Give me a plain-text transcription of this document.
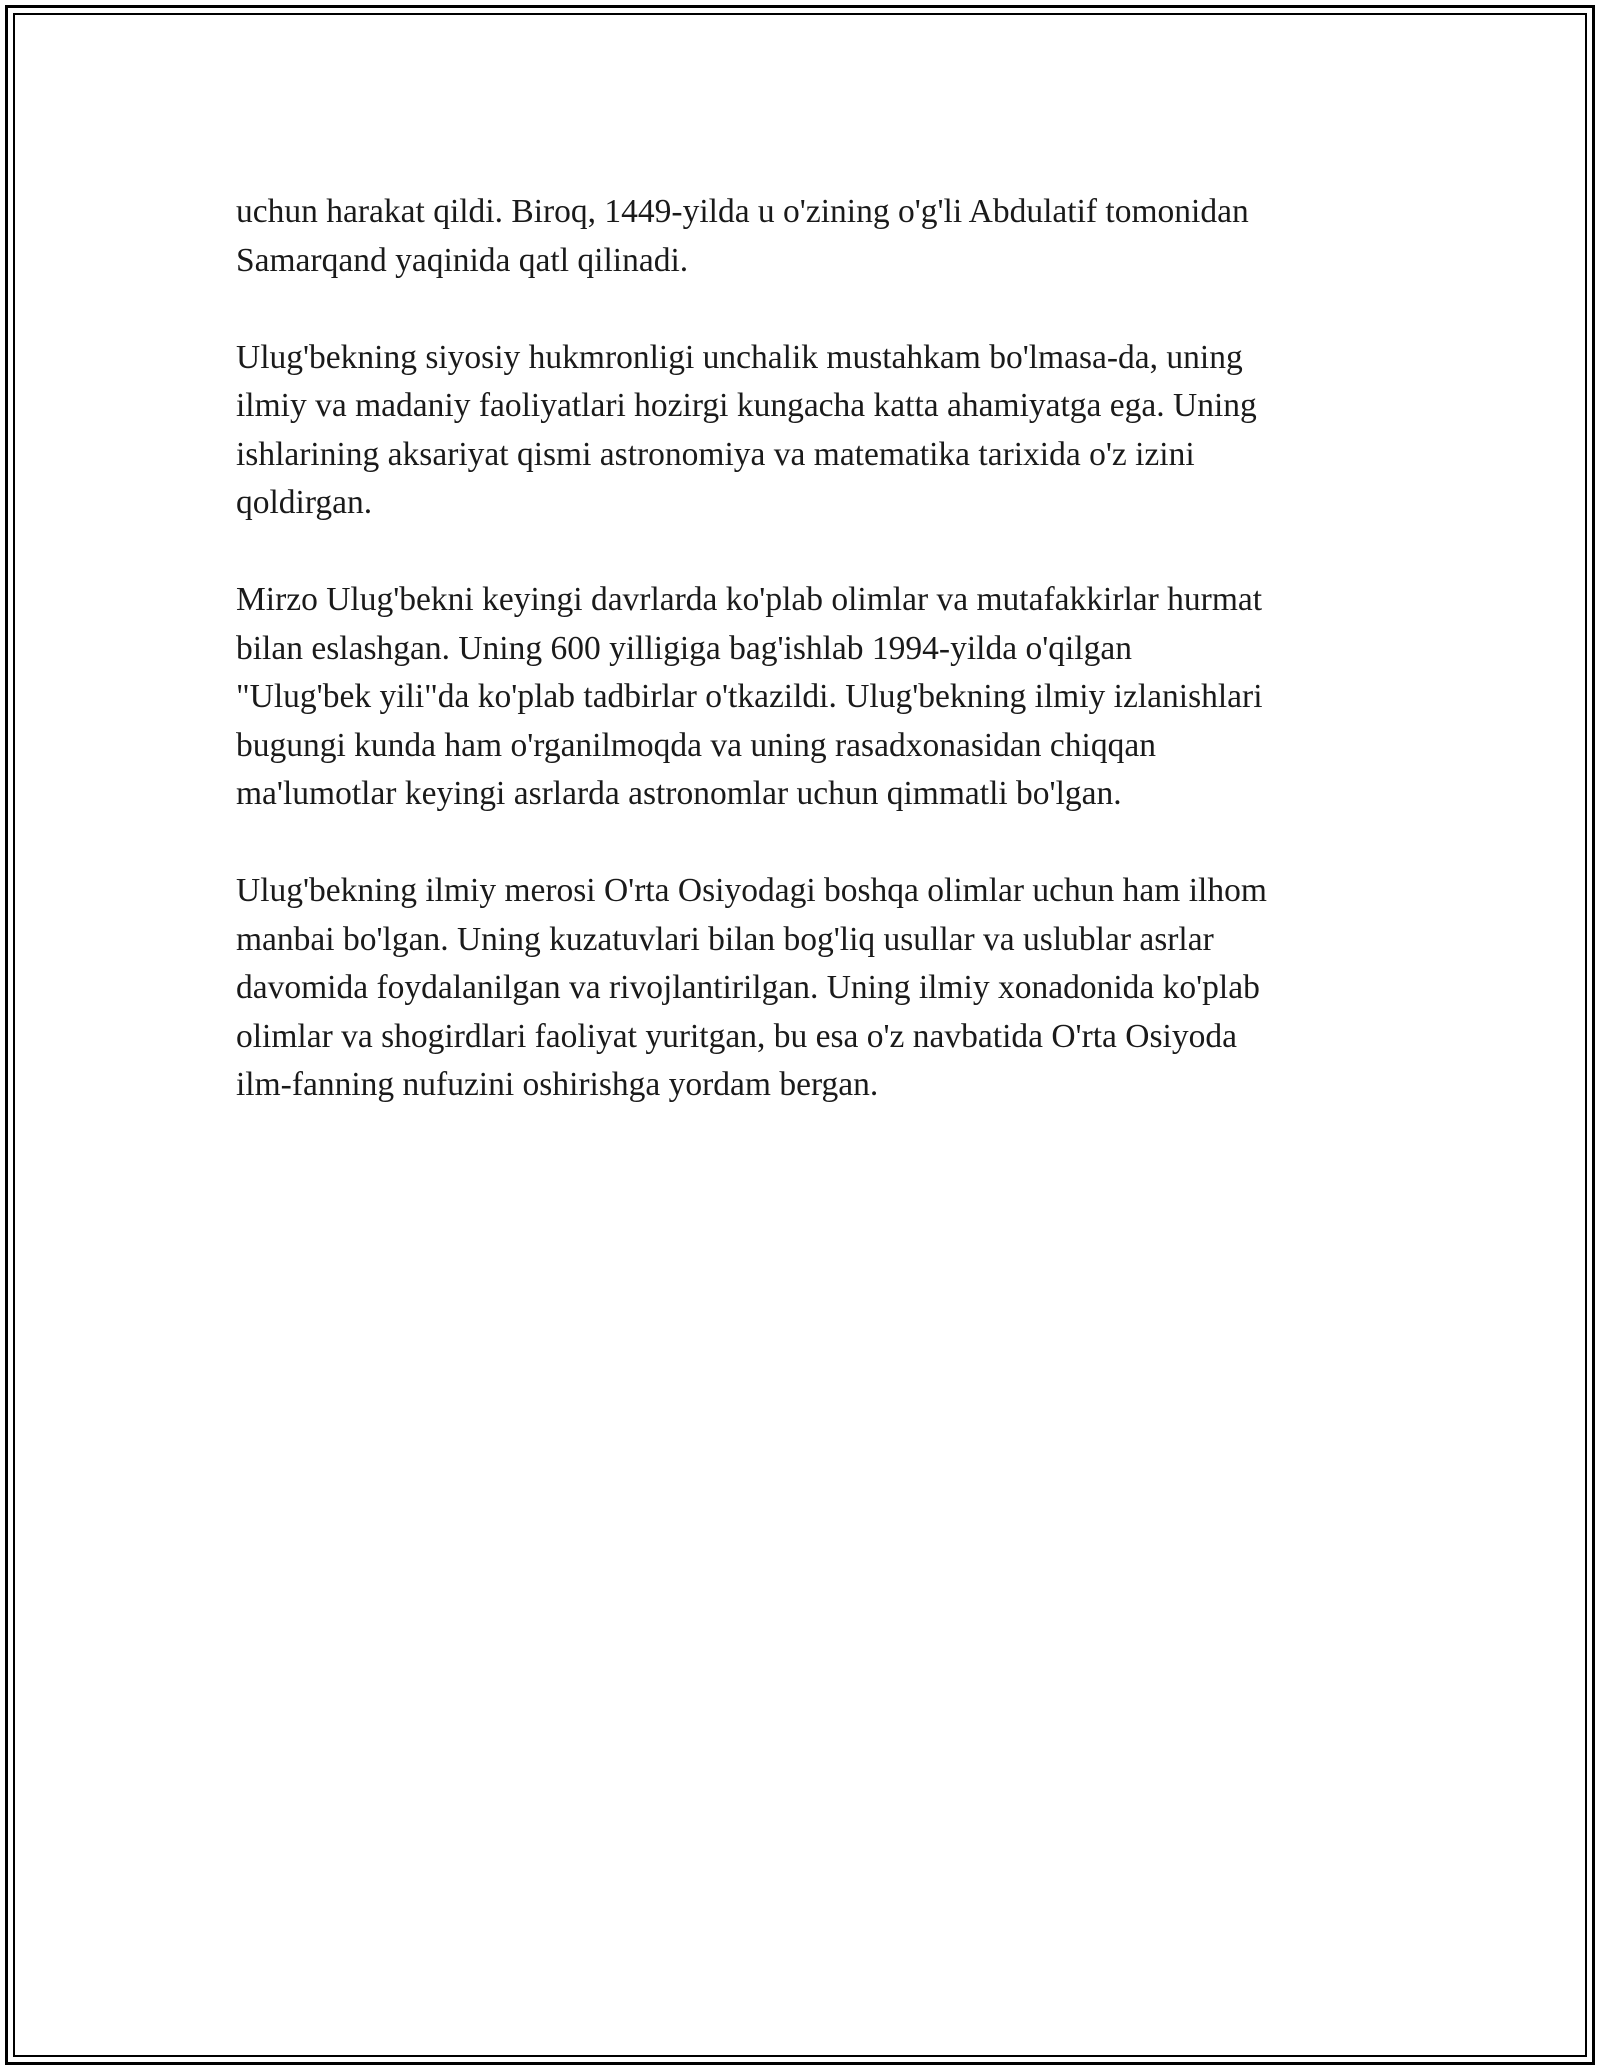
uchun harakat qildi. Biroq, 1449-yilda u o'zining o'g'li Abdulatif tomonidan
Samarqand yaqinida qatl qilinadi.

Ulug'bekning siyosiy hukmronligi unchalik mustahkam bo'lmasa-da, uning
ilmiy va madaniy faoliyatlari hozirgi kungacha katta ahamiyatga ega. Uning
ishlarining aksariyat qismi astronomiya va matematika tarixida o'z izini
qoldirgan.

Mirzo Ulug'bekni keyingi davrlarda ko'plab olimlar va mutafakkirlar hurmat
bilan eslashgan. Uning 600 yilligiga bag'ishlab 1994-yilda o'qilgan
"Ulug'bek yili"da ko'plab tadbirlar o'tkazildi. Ulug'bekning ilmiy izlanishlari
bugungi kunda ham o'rganilmoqda va uning rasadxonasidan chiqqan
ma'lumotlar keyingi asrlarda astronomlar uchun qimmatli bo'lgan.

Ulug'bekning ilmiy merosi O'rta Osiyodagi boshqa olimlar uchun ham ilhom
manbai bo'lgan. Uning kuzatuvlari bilan bog'liq usullar va uslublar asrlar
davomida foydalanilgan va rivojlantirilgan. Uning ilmiy xonadonida ko'plab
olimlar va shogirdlari faoliyat yuritgan, bu esa o'z navbatida O'rta Osiyoda
ilm-fanning nufuzini oshirishga yordam bergan.
